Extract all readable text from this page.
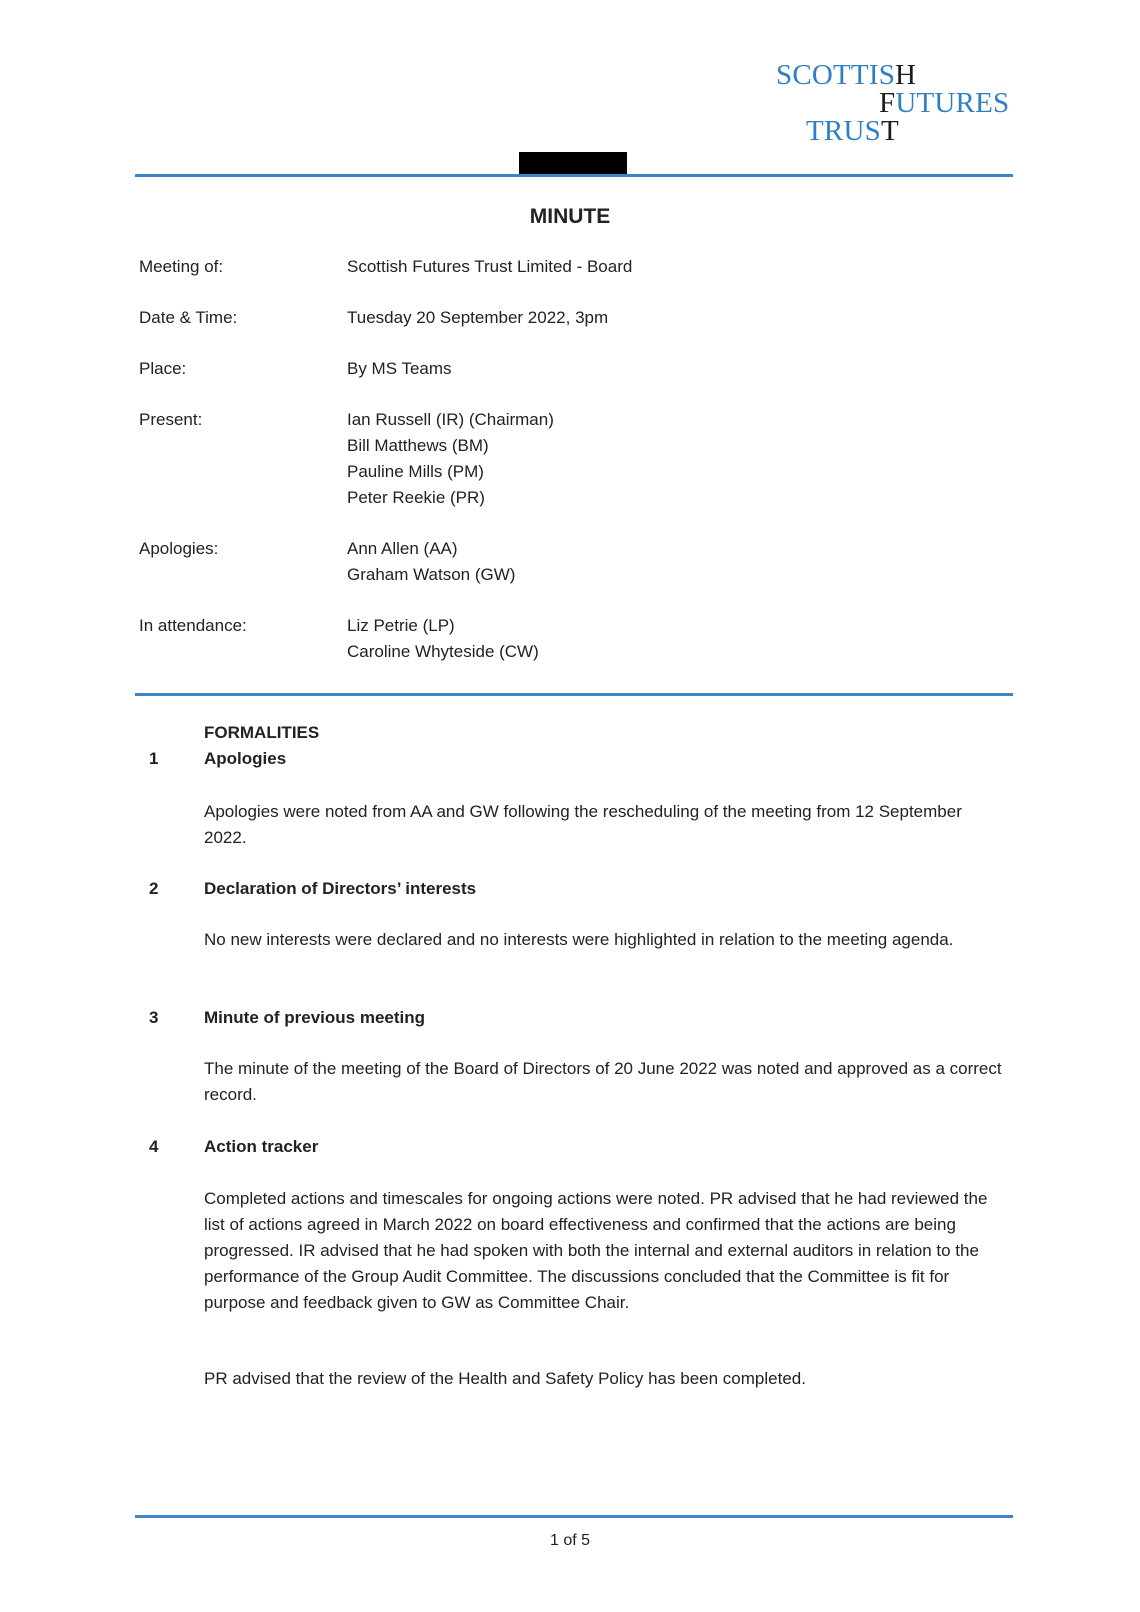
SCOTTISH
FUTURES
TRUST
MINUTE
Meeting of:	Scottish Futures Trust Limited - Board
Date & Time:	Tuesday 20 September 2022, 3pm
Place:	By MS Teams
Present:	Ian Russell (IR) (Chairman)
Bill Matthews (BM)
Pauline Mills (PM)
Peter Reekie (PR)
Apologies:	Ann Allen (AA)
Graham Watson (GW)
In attendance:	Liz Petrie (LP)
Caroline Whyteside (CW)
FORMALITIES
1	Apologies
Apologies were noted from AA and GW following the rescheduling of the meeting from 12 September 2022.
2	Declaration of Directors’ interests
No new interests were declared and no interests were highlighted in relation to the meeting agenda.
3	Minute of previous meeting
The minute of the meeting of the Board of Directors of 20 June 2022 was noted and approved as a correct record.
4	Action tracker
Completed actions and timescales for ongoing actions were noted. PR advised that he had reviewed the list of actions agreed in March 2022 on board effectiveness and confirmed that the actions are being progressed. IR advised that he had spoken with both the internal and external auditors in relation to the performance of the Group Audit Committee. The discussions concluded that the Committee is fit for purpose and feedback given to GW as Committee Chair.
PR advised that the review of the Health and Safety Policy has been completed.
1 of 5
